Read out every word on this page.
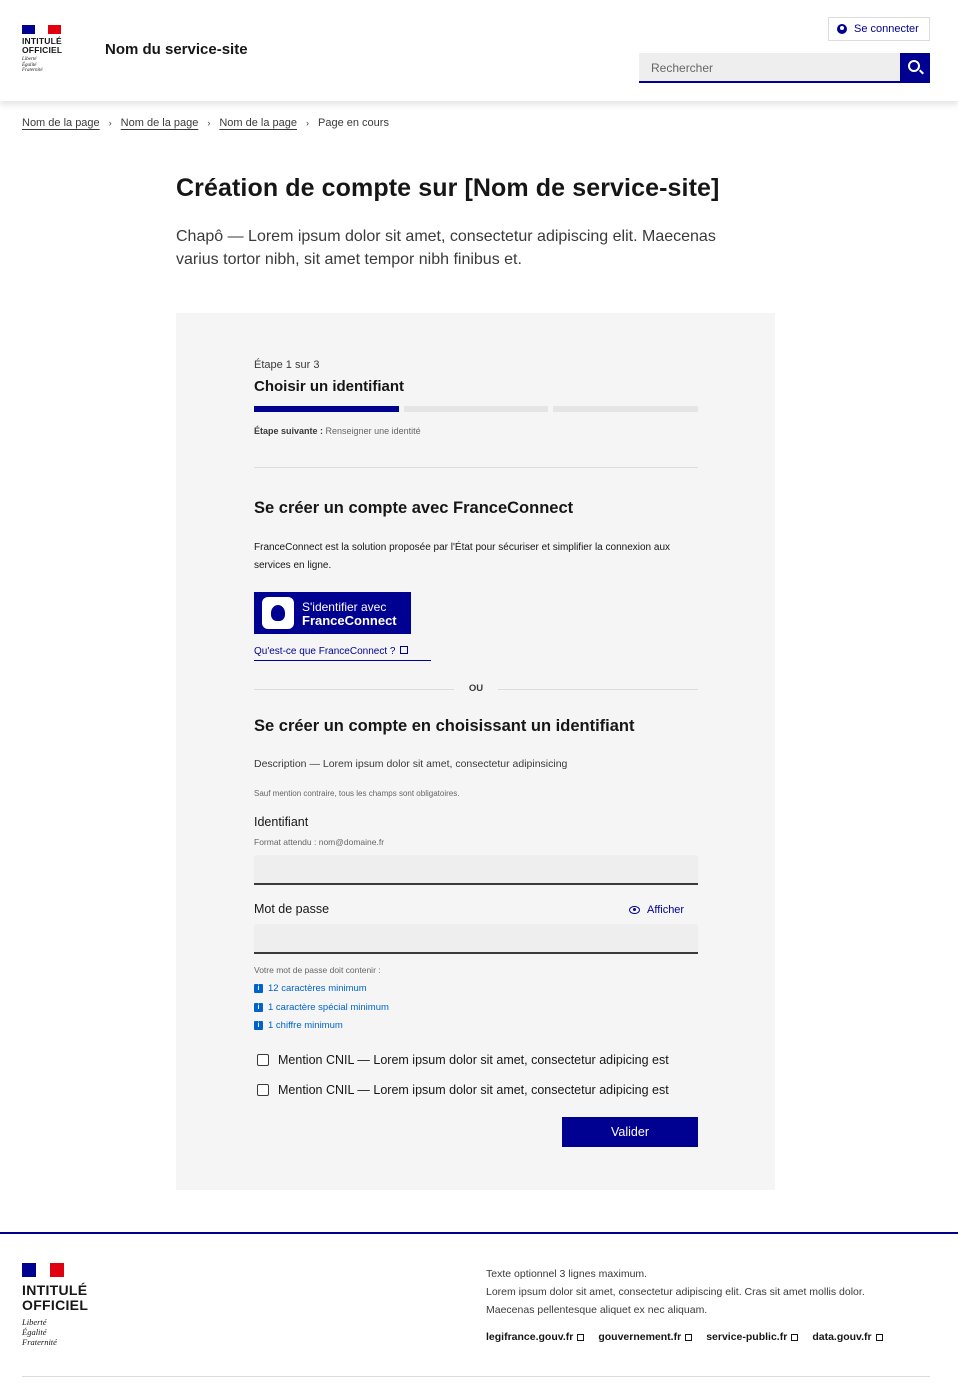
INTITULÉ
OFFICIEL
Liberté
Égalité
Fraternité
Nom du service-site
Se connecter
Rechercher
Nom de la page › Nom de la page › Nom de la page › Page en cours
Création de compte sur [Nom de service-site]

Chapô — Lorem ipsum dolor sit amet, consectetur adipiscing elit. Maecenas varius tortor nibh, sit amet tempor nibh finibus et.

Étape 1 sur 3
Choisir un identifiant
Étape suivante : Renseigner une identité
Se créer un compte avec FranceConnect
FranceConnect est la solution proposée par l'État pour sécuriser et simplifier la connexion aux services en ligne.
S'identifier avec
FranceConnect
Qu'est-ce que FranceConnect ?
OU
Se créer un compte en choisissant un identifiant
Description — Lorem ipsum dolor sit amet, consectetur adipinsicing
Sauf mention contraire, tous les champs sont obligatoires.
Identifiant
Format attendu : nom@domaine.fr
Mot de passe	Afficher
Votre mot de passe doit contenir :
i 12 caractères minimum
i 1 caractère spécial minimum
i 1 chiffre minimum
Mention CNIL — Lorem ipsum dolor sit amet, consectetur adipicing est
Mention CNIL — Lorem ipsum dolor sit amet, consectetur adipicing est
Valider
INTITULÉ
OFFICIEL
Liberté
Égalité
Fraternité
Texte optionnel 3 lignes maximum.
Lorem ipsum dolor sit amet, consectetur adipiscing elit. Cras sit amet mollis dolor.
Maecenas pellentesque aliquet ex nec aliquam.
legifrance.gouv.fr gouvernement.fr service-public.fr data.gouv.fr
